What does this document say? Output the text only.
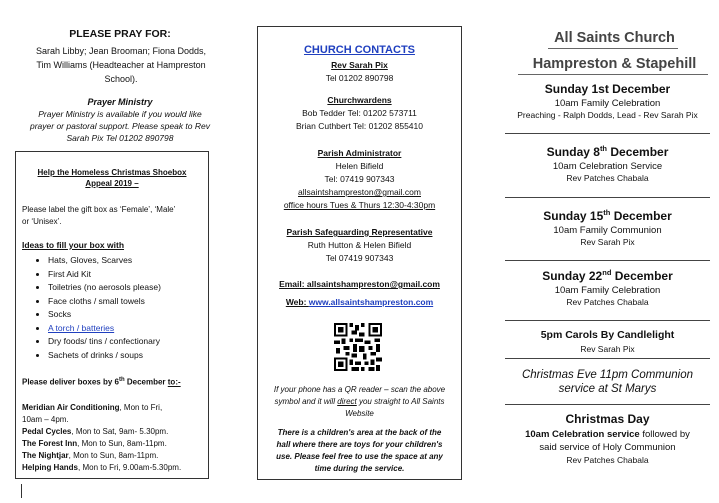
PLEASE PRAY FOR:
Sarah Libby; Jean Brooman; Fiona Dodds,
Tim Williams (Headteacher at Hampreston
School).
Prayer Ministry
Prayer Ministry is available if you would like
prayer or pastoral support. Please speak to Rev
Sarah Pix Tel 01202 890798
Help the Homeless Christmas Shoebox
Appeal 2019 –
Please label the gift box as ‘Female’, ‘Male’
or ‘Unisex’.
Ideas to fill your box with
• Hats, Gloves, Scarves
• First Aid Kit
• Toiletries (no aerosols please)
• Face cloths / small towels
• Socks
• A torch / batteries
• Dry foods/ tins / confectionary
• Sachets of drinks / soups
Please deliver boxes by 6th December to:-
Meridian Air Conditioning, Mon to Fri,
10am – 4pm.
Pedal Cycles, Mon to Sat, 9am- 5.30pm.
The Forest Inn, Mon to Sun, 8am-11pm.
The Nightjar, Mon to Sun, 8am-11pm.
Helping Hands, Mon to Fri, 9.00am-5.30pm.
CHURCH CONTACTS
Rev Sarah Pix
Tel 01202 890798
Churchwardens
Bob Tedder Tel: 01202 573711
Brian Cuthbert Tel: 01202 855410
Parish Administrator
Helen Bifield
Tel: 07419 907343
allsaintshampreston@gmail.com
office hours Tues & Thurs 12:30-4:30pm
Parish Safeguarding Representative
Ruth Hutton & Helen Bifield
Tel 07419 907343
Email: allsaintshampreston@gmail.com
Web: www.allsaintshampreston.com
If your phone has a QR reader – scan the above
symbol and it will direct you straight to All Saints
Website
There is a children's area at the back of the
hall where there are toys for your children's
use. Please feel free to use the space at any
time during the service.
All Saints Church
Hampreston & Stapehill
Sunday 1st December
10am Family Celebration
Preaching - Ralph Dodds, Lead - Rev Sarah Pix
Sunday 8th December
10am Celebration Service
Rev Patches Chabala
Sunday 15th December
10am Family Communion
Rev Sarah Pix
Sunday 22nd December
10am Family Celebration
Rev Patches Chabala
5pm Carols By Candlelight
Rev Sarah Pix
Christmas Eve 11pm Communion
service at St Marys
Christmas Day
10am Celebration service followed by
said service of Holy Communion
Rev Patches Chabala
